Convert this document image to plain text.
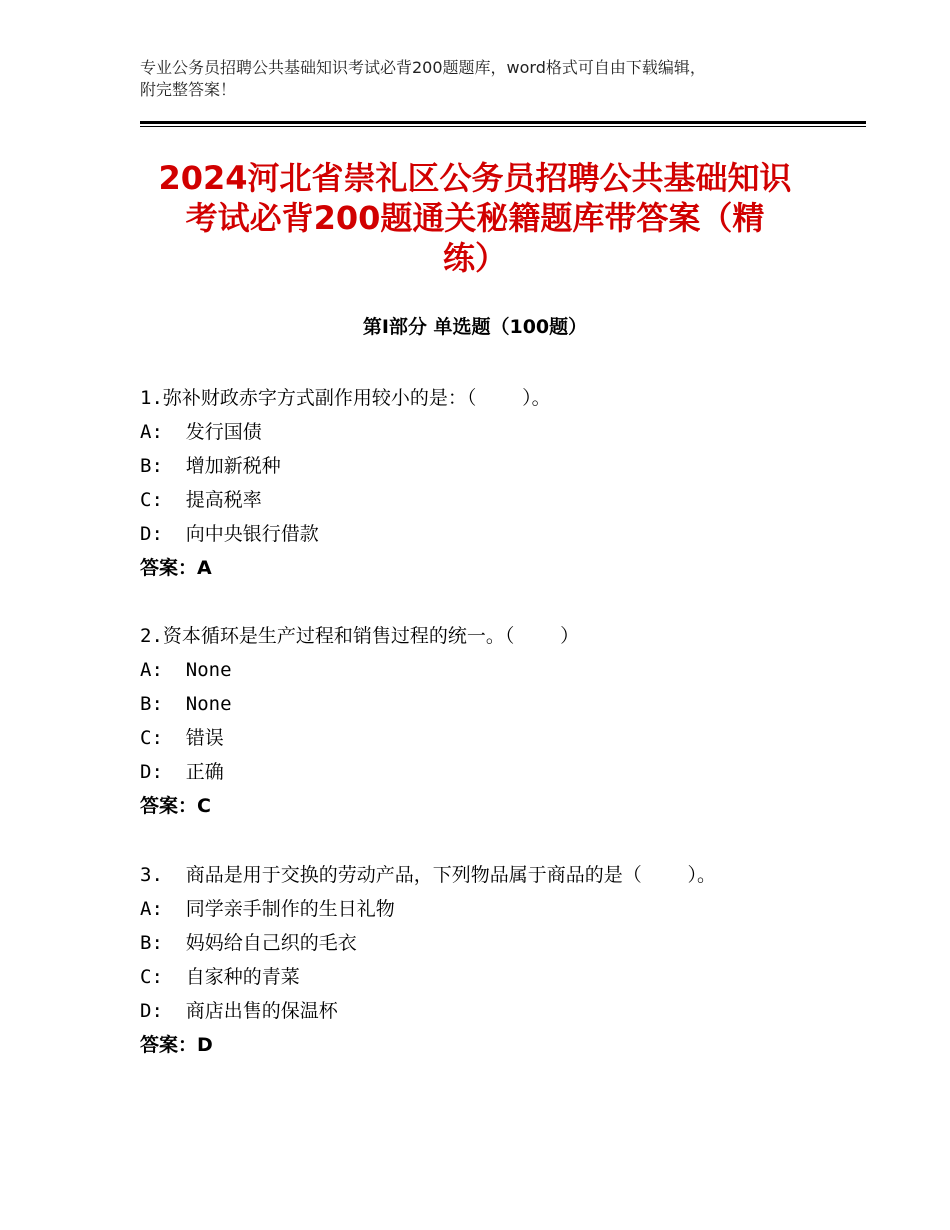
专业公务员招聘公共基础知识考试必背200题题库，word格式可自由下载编辑，
附完整答案！
2024河北省崇礼区公务员招聘公共基础知识
考试必背200题通关秘籍题库带答案（精
练）
第Ⅰ部分 单选题（100题）
1.弥补财政赤字方式副作用较小的是：（    ）。
A:  发行国债
B:  增加新税种
C:  提高税率
D:  向中央银行借款
答案：A
2.资本循环是生产过程和销售过程的统一。（    ）
A:  None
B:  None
C:  错误
D:  正确
答案：C
3.  商品是用于交换的劳动产品，下列物品属于商品的是（    ）。
A:  同学亲手制作的生日礼物
B:  妈妈给自己织的毛衣
C:  自家种的青菜
D:  商店出售的保温杯
答案：D
